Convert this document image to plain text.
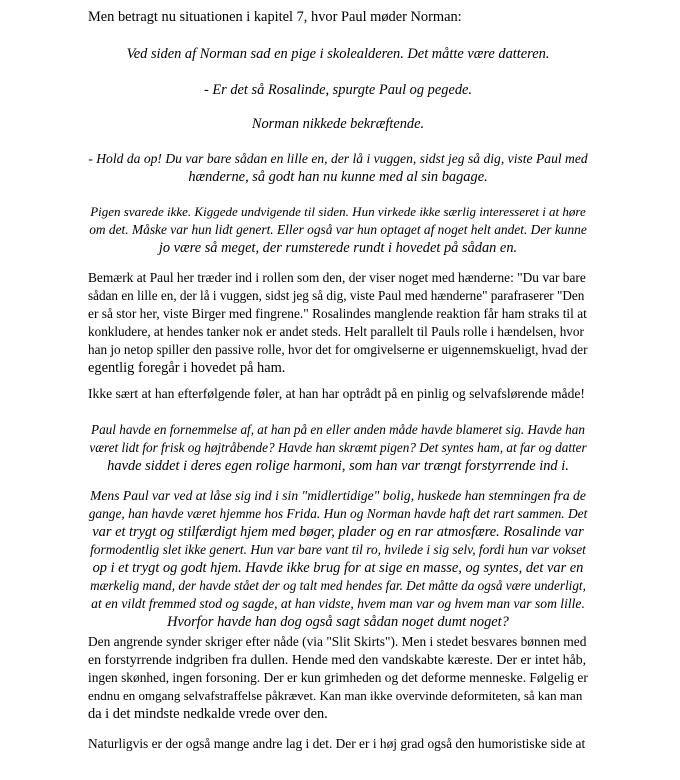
Men betragt nu situationen i kapitel 7, hvor Paul møder Norman:

Ved siden af Norman sad en pige i skolealderen. Det måtte være datteren.

- Er det så Rosalinde, spurgte Paul og pegede.

Norman nikkede bekræftende.

- Hold da op! Du var bare sådan en lille en, der lå i vuggen, sidst jeg så dig, viste Paul med
hænderne, så godt han nu kunne med al sin bagage.

Pigen svarede ikke. Kiggede undvigende til siden. Hun virkede ikke særlig interesseret i at høre
om det. Måske var hun lidt genert. Eller også var hun optaget af noget helt andet. Der kunne
jo være så meget, der rumsterede rundt i hovedet på sådan en.

Bemærk at Paul her træder ind i rollen som den, der viser noget med hænderne: "Du var bare
sådan en lille en, der lå i vuggen, sidst jeg så dig, viste Paul med hænderne" parafraserer "Den
er så stor her, viste Birger med fingrene." Rosalindes manglende reaktion får ham straks til at
konkludere, at hendes tanker nok er andet steds. Helt parallelt til Pauls rolle i hændelsen, hvor
han jo netop spiller den passive rolle, hvor det for omgivelserne er uigennemskueligt, hvad der
egentlig foregår i hovedet på ham.

Ikke sært at han efterfølgende føler, at han har optrådt på en pinlig og selvafslørende måde!

Paul havde en fornemmelse af, at han på en eller anden måde havde blameret sig. Havde han
været lidt for frisk og højtråbende? Havde han skræmt pigen? Det syntes ham, at far og datter
havde siddet i deres egen rolige harmoni, som han var trængt forstyrrende ind i.

Mens Paul var ved at låse sig ind i sin "midlertidige" bolig, huskede han stemningen fra de
gange, han havde været hjemme hos Frida. Hun og Norman havde haft det rart sammen. Det
var et trygt og stilfærdigt hjem med bøger, plader og en rar atmosfære. Rosalinde var
formodentlig slet ikke genert. Hun var bare vant til ro, hvilede i sig selv, fordi hun var vokset
op i et trygt og godt hjem. Havde ikke brug for at sige en masse, og syntes, det var en
mærkelig mand, der havde stået der og talt med hendes far. Det måtte da også være underligt,
at en vildt fremmed stod og sagde, at han vidste, hvem man var og hvem man var som lille.
Hvorfor havde han dog også sagt sådan noget dumt noget?

Den angrende synder skriger efter nåde (via "Slit Skirts"). Men i stedet besvares bønnen med
en forstyrrende indgriben fra dullen. Hende med den vandskabte kæreste. Der er intet håb,
ingen skønhed, ingen forsoning. Der er kun grimheden og det deforme menneske. Følgelig er
endnu en omgang selvafstraffelse påkrævet. Kan man ikke overvinde deformiteten, så kan man
da i det mindste nedkalde vrede over den.

Naturligvis er der også mange andre lag i det. Der er i høj grad også den humoristiske side at
